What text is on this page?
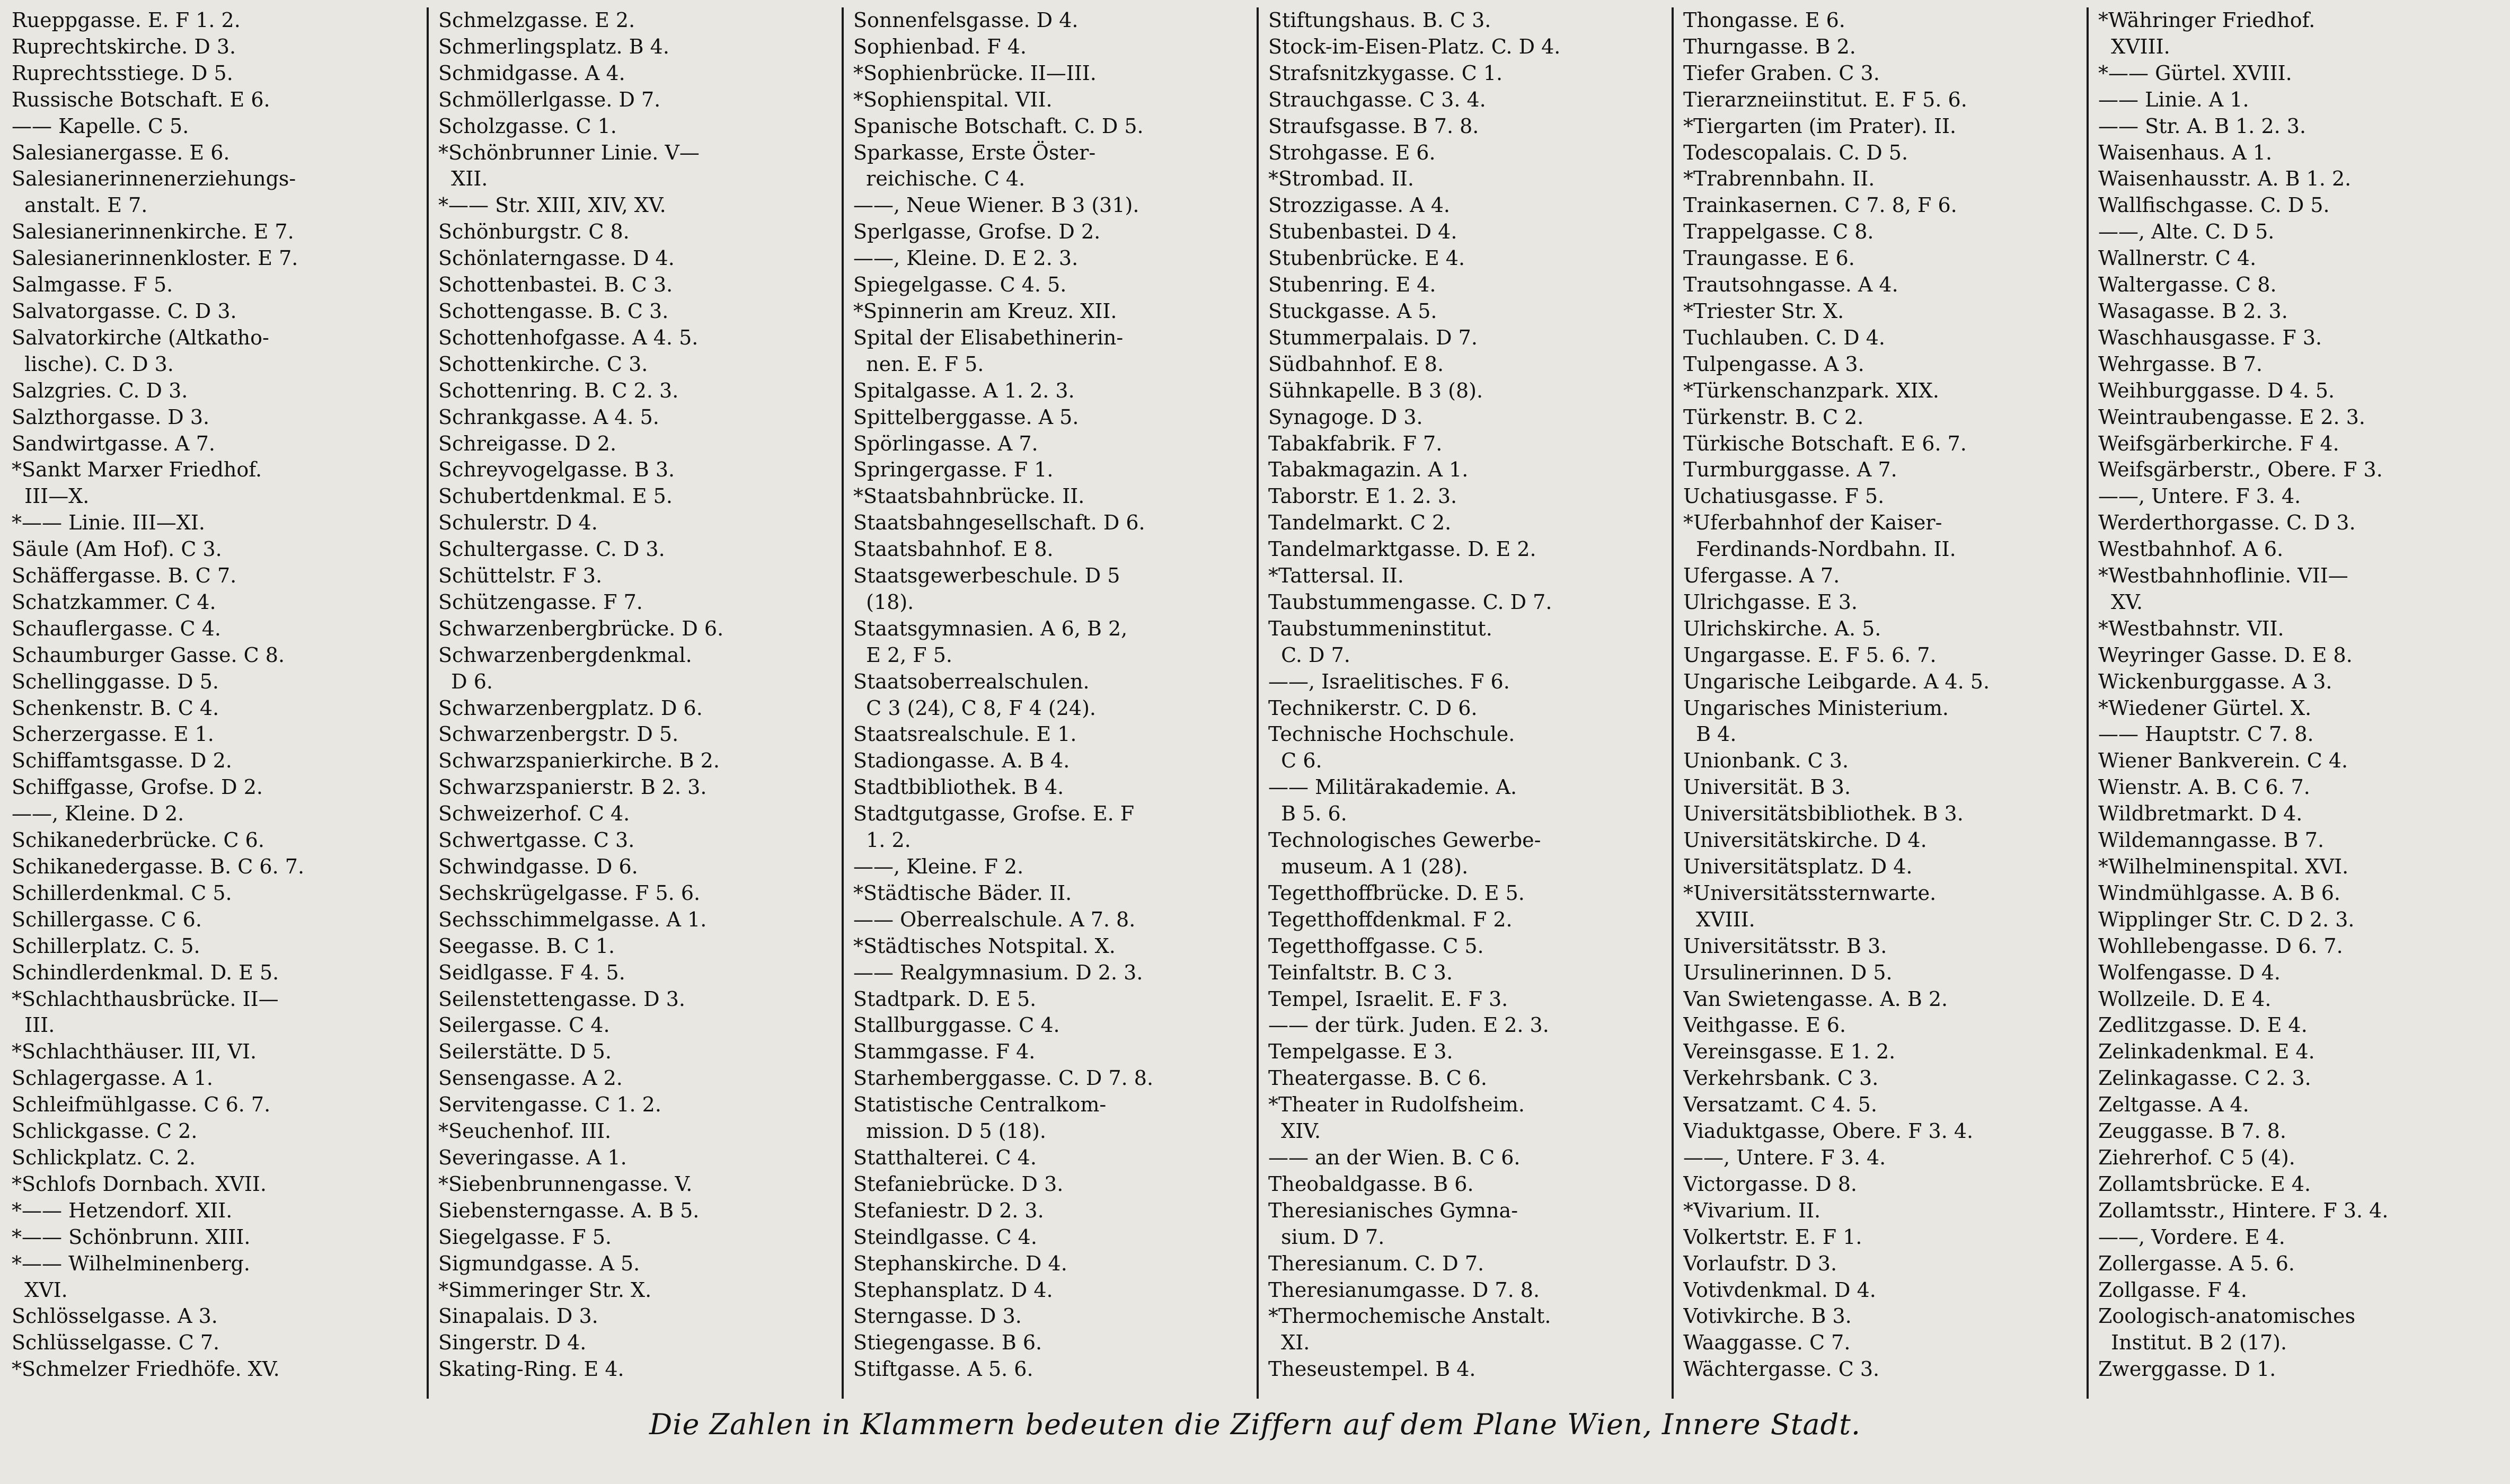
Rueppgasse. E. F 1. 2.
Ruprechtskirche. D 3.
Ruprechtsstiege. D 5.
Russische Botschaft. E 6.
—— Kapelle. C 5.
Salesianergasse. E 6.
Salesianerinnenerziehungs-
anstalt. E 7.
Salesianerinnenkirche. E 7.
Salesianerinnenkloster. E 7.
Salmgasse. F 5.
Salvatorgasse. C. D 3.
Salvatorkirche (Altkatho-
lische). C. D 3.
Salzgries. C. D 3.
Salzthorgasse. D 3.
Sandwirtgasse. A 7.
*Sankt Marxer Friedhof.
III—X.
*—— Linie. III—XI.
Säule (Am Hof). C 3.
Schäffergasse. B. C 7.
Schatzkammer. C 4.
Schauflergasse. C 4.
Schaumburger Gasse. C 8.
Schellinggasse. D 5.
Schenkenstr. B. C 4.
Scherzergasse. E 1.
Schiffamtsgasse. D 2.
Schiffgasse, Grofse. D 2.
——, Kleine. D 2.
Schikanederbrücke. C 6.
Schikanedergasse. B. C 6. 7.
Schillerdenkmal. C 5.
Schillergasse. C 6.
Schillerplatz. C. 5.
Schindlerdenkmal. D. E 5.
*Schlachthausbrücke. II—
III.
*Schlachthäuser. III, VI.
Schlagergasse. A 1.
Schleifmühlgasse. C 6. 7.
Schlickgasse. C 2.
Schlickplatz. C. 2.
*Schlofs Dornbach. XVII.
*—— Hetzendorf. XII.
*—— Schönbrunn. XIII.
*—— Wilhelminenberg.
XVI.
Schlösselgasse. A 3.
Schlüsselgasse. C 7.
*Schmelzer Friedhöfe. XV.
Schmelzgasse. E 2.
Schmerlingsplatz. B 4.
Schmidgasse. A 4.
Schmöllerlgasse. D 7.
Scholzgasse. C 1.
*Schönbrunner Linie. V—
XII.
*—— Str. XIII, XIV, XV.
Schönburgstr. C 8.
Schönlaterngasse. D 4.
Schottenbastei. B. C 3.
Schottengasse. B. C 3.
Schottenhofgasse. A 4. 5.
Schottenkirche. C 3.
Schottenring. B. C 2. 3.
Schrankgasse. A 4. 5.
Schreigasse. D 2.
Schreyvogelgasse. B 3.
Schubertdenkmal. E 5.
Schulerstr. D 4.
Schultergasse. C. D 3.
Schüttelstr. F 3.
Schützengasse. F 7.
Schwarzenbergbrücke. D 6.
Schwarzenbergdenkmal.
D 6.
Schwarzenbergplatz. D 6.
Schwarzenbergstr. D 5.
Schwarzspanierkirche. B 2.
Schwarzspanierstr. B 2. 3.
Schweizerhof. C 4.
Schwertgasse. C 3.
Schwindgasse. D 6.
Sechskrügelgasse. F 5. 6.
Sechsschimmelgasse. A 1.
Seegasse. B. C 1.
Seidlgasse. F 4. 5.
Seilenstettengasse. D 3.
Seilergasse. C 4.
Seilerstätte. D 5.
Sensengasse. A 2.
Servitengasse. C 1. 2.
*Seuchenhof. III.
Severingasse. A 1.
*Siebenbrunnengasse. V.
Siebensterngasse. A. B 5.
Siegelgasse. F 5.
Sigmundgasse. A 5.
*Simmeringer Str. X.
Sinapalais. D 3.
Singerstr. D 4.
Skating-Ring. E 4.
Sonnenfelsgasse. D 4.
Sophienbad. F 4.
*Sophienbrücke. II—III.
*Sophienspital. VII.
Spanische Botschaft. C. D 5.
Sparkasse, Erste Öster-
reichische. C 4.
——, Neue Wiener. B 3 (31).
Sperlgasse, Grofse. D 2.
——, Kleine. D. E 2. 3.
Spiegelgasse. C 4. 5.
*Spinnerin am Kreuz. XII.
Spital der Elisabethinerin-
nen. E. F 5.
Spitalgasse. A 1. 2. 3.
Spittelberggasse. A 5.
Spörlingasse. A 7.
Springergasse. F 1.
*Staatsbahnbrücke. II.
Staatsbahngesellschaft. D 6.
Staatsbahnhof. E 8.
Staatsgewerbeschule. D 5
(18).
Staatsgymnasien. A 6, B 2,
E 2, F 5.
Staatsoberrealschulen.
C 3 (24), C 8, F 4 (24).
Staatsrealschule. E 1.
Stadiongasse. A. B 4.
Stadtbibliothek. B 4.
Stadtgutgasse, Grofse. E. F
1. 2.
——, Kleine. F 2.
*Städtische Bäder. II.
—— Oberrealschule. A 7. 8.
*Städtisches Notspital. X.
—— Realgymnasium. D 2. 3.
Stadtpark. D. E 5.
Stallburggasse. C 4.
Stammgasse. F 4.
Starhemberggasse. C. D 7. 8.
Statistische Centralkom-
mission. D 5 (18).
Statthalterei. C 4.
Stefaniebrücke. D 3.
Stefaniestr. D 2. 3.
Steindlgasse. C 4.
Stephanskirche. D 4.
Stephansplatz. D 4.
Sterngasse. D 3.
Stiegengasse. B 6.
Stiftgasse. A 5. 6.
Stiftungshaus. B. C 3.
Stock-im-Eisen-Platz. C. D 4.
Strafsnitzkygasse. C 1.
Strauchgasse. C 3. 4.
Straufsgasse. B 7. 8.
Strohgasse. E 6.
*Strombad. II.
Strozzigasse. A 4.
Stubenbastei. D 4.
Stubenbrücke. E 4.
Stubenring. E 4.
Stuckgasse. A 5.
Stummerpalais. D 7.
Südbahnhof. E 8.
Sühnkapelle. B 3 (8).
Synagoge. D 3.
Tabakfabrik. F 7.
Tabakmagazin. A 1.
Taborstr. E 1. 2. 3.
Tandelmarkt. C 2.
Tandelmarktgasse. D. E 2.
*Tattersal. II.
Taubstummengasse. C. D 7.
Taubstummeninstitut.
C. D 7.
——, Israelitisches. F 6.
Technikerstr. C. D 6.
Technische Hochschule.
C 6.
—— Militärakademie. A.
B 5. 6.
Technologisches Gewerbe-
museum. A 1 (28).
Tegetthoffbrücke. D. E 5.
Tegetthoffdenkmal. F 2.
Tegetthoffgasse. C 5.
Teinfaltstr. B. C 3.
Tempel, Israelit. E. F 3.
—— der türk. Juden. E 2. 3.
Tempelgasse. E 3.
Theatergasse. B. C 6.
*Theater in Rudolfsheim.
XIV.
—— an der Wien. B. C 6.
Theobaldgasse. B 6.
Theresianisches Gymna-
sium. D 7.
Theresianum. C. D 7.
Theresianumgasse. D 7. 8.
*Thermochemische Anstalt.
XI.
Theseustempel. B 4.
Thongasse. E 6.
Thurngasse. B 2.
Tiefer Graben. C 3.
Tierarzneiinstitut. E. F 5. 6.
*Tiergarten (im Prater). II.
Todescopalais. C. D 5.
*Trabrennbahn. II.
Trainkasernen. C 7. 8, F 6.
Trappelgasse. C 8.
Traungasse. E 6.
Trautsohngasse. A 4.
*Triester Str. X.
Tuchlauben. C. D 4.
Tulpengasse. A 3.
*Türkenschanzpark. XIX.
Türkenstr. B. C 2.
Türkische Botschaft. E 6. 7.
Turmburggasse. A 7.
Uchatiusgasse. F 5.
*Uferbahnhof der Kaiser-
Ferdinands-Nordbahn. II.
Ufergasse. A 7.
Ulrichgasse. E 3.
Ulrichskirche. A. 5.
Ungargasse. E. F 5. 6. 7.
Ungarische Leibgarde. A 4. 5.
Ungarisches Ministerium.
B 4.
Unionbank. C 3.
Universität. B 3.
Universitätsbibliothek. B 3.
Universitätskirche. D 4.
Universitätsplatz. D 4.
*Universitätssternwarte.
XVIII.
Universitätsstr. B 3.
Ursulinerinnen. D 5.
Van Swietengasse. A. B 2.
Veithgasse. E 6.
Vereinsgasse. E 1. 2.
Verkehrsbank. C 3.
Versatzamt. C 4. 5.
Viaduktgasse, Obere. F 3. 4.
——, Untere. F 3. 4.
Victorgasse. D 8.
*Vivarium. II.
Volkertstr. E. F 1.
Vorlaufstr. D 3.
Votivdenkmal. D 4.
Votivkirche. B 3.
Waaggasse. C 7.
Wächtergasse. C 3.
*Währinger Friedhof.
XVIII.
*—— Gürtel. XVIII.
—— Linie. A 1.
—— Str. A. B 1. 2. 3.
Waisenhaus. A 1.
Waisenhausstr. A. B 1. 2.
Wallfischgasse. C. D 5.
——, Alte. C. D 5.
Wallnerstr. C 4.
Waltergasse. C 8.
Wasagasse. B 2. 3.
Waschhausgasse. F 3.
Wehrgasse. B 7.
Weihburggasse. D 4. 5.
Weintraubengasse. E 2. 3.
Weifsgärberkirche. F 4.
Weifsgärberstr., Obere. F 3.
——, Untere. F 3. 4.
Werderthorgasse. C. D 3.
Westbahnhof. A 6.
*Westbahnhoflinie. VII—
XV.
*Westbahnstr. VII.
Weyringer Gasse. D. E 8.
Wickenburggasse. A 3.
*Wiedener Gürtel. X.
—— Hauptstr. C 7. 8.
Wiener Bankverein. C 4.
Wienstr. A. B. C 6. 7.
Wildbretmarkt. D 4.
Wildemanngasse. B 7.
*Wilhelminenspital. XVI.
Windmühlgasse. A. B 6.
Wipplinger Str. C. D 2. 3.
Wohllebengasse. D 6. 7.
Wolfengasse. D 4.
Wollzeile. D. E 4.
Zedlitzgasse. D. E 4.
Zelinkadenkmal. E 4.
Zelinkagasse. C 2. 3.
Zeltgasse. A 4.
Zeuggasse. B 7. 8.
Ziehrerhof. C 5 (4).
Zollamtsbrücke. E 4.
Zollamtsstr., Hintere. F 3. 4.
——, Vordere. E 4.
Zollergasse. A 5. 6.
Zollgasse. F 4.
Zoologisch-anatomisches
Institut. B 2 (17).
Zwerggasse. D 1.
Die Zahlen in Klammern bedeuten die Ziffern auf dem Plane Wien, Innere Stadt.
